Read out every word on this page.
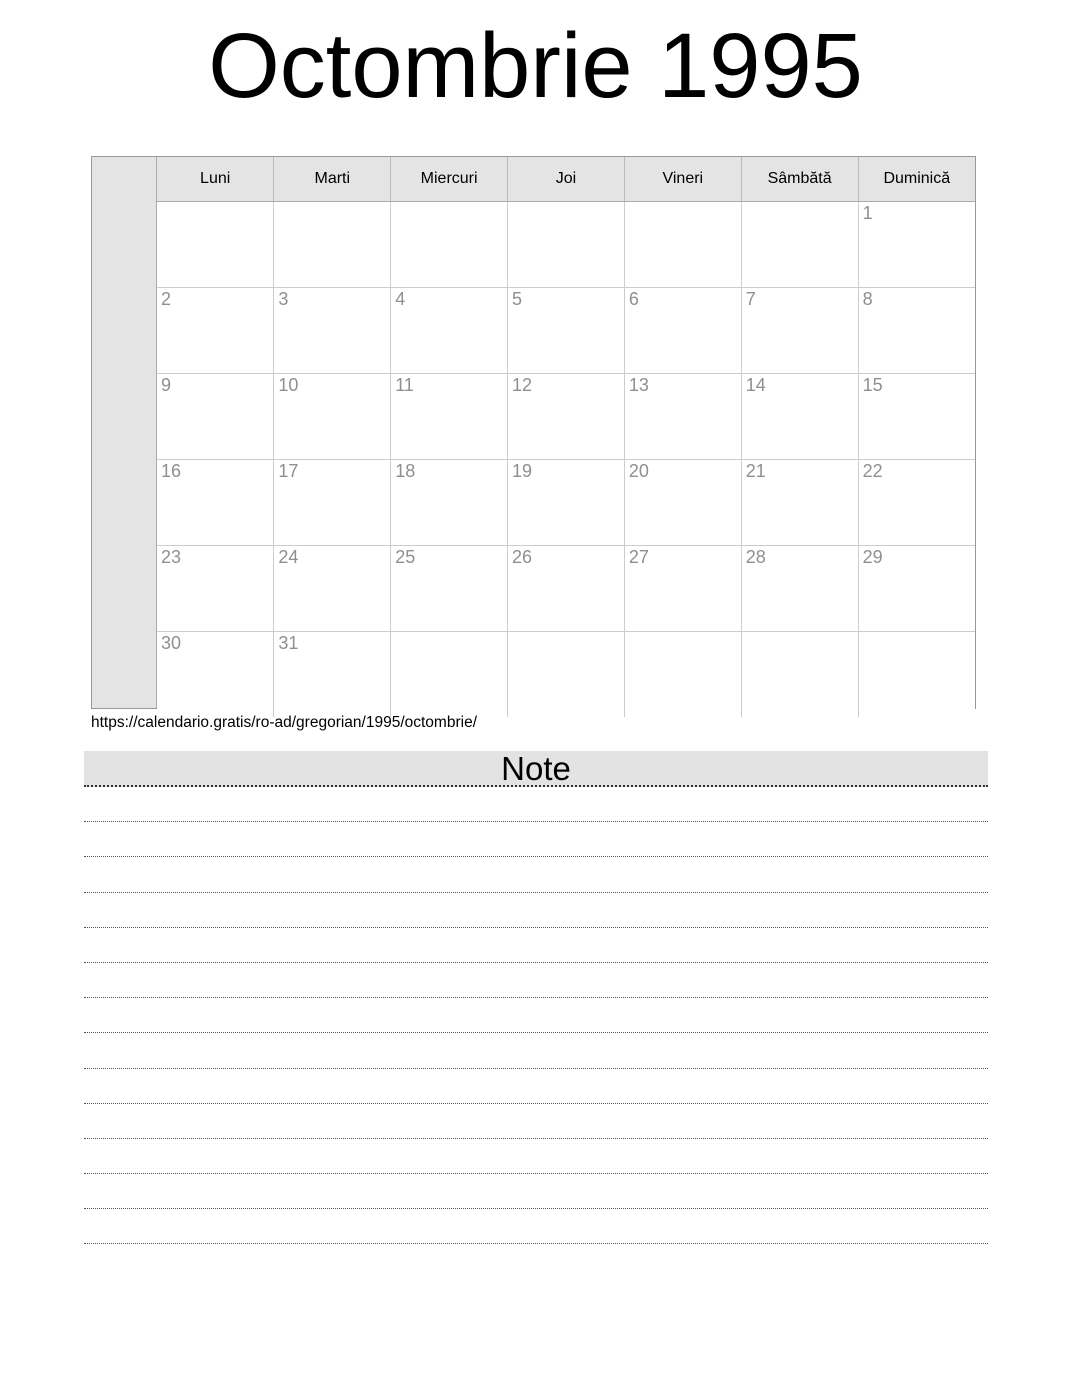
Octombrie 1995
Luni	Marti	Miercuri	Joi	Vineri	Sâmbătă	Duminică
						1
2	3	4	5	6	7	8
9	10	11	12	13	14	15
16	17	18	19	20	21	22
23	24	25	26	27	28	29
30	31					
https://calendario.gratis/ro-ad/gregorian/1995/octombrie/
Note
